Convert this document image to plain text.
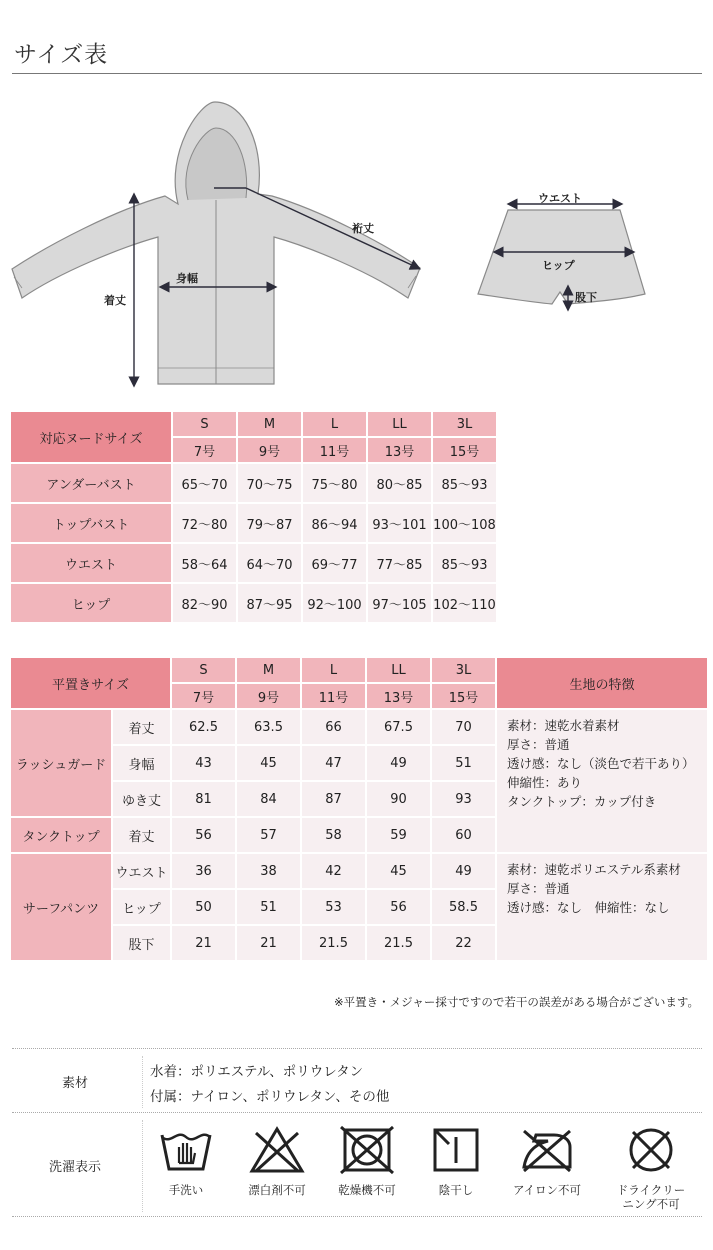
サイズ表
裄丈
身幅
着丈
ウエスト
ヒップ
股下
対応ヌードサイズ	S	M	L	LL	3L
	7号	9号	11号	13号	15号
アンダーバスト	65〜70	70〜75	75〜80	80〜85	85〜93
トップバスト	72〜80	79〜87	86〜94	93〜101	100〜108
ウエスト	58〜64	64〜70	69〜77	77〜85	85〜93
ヒップ	82〜90	87〜95	92〜100	97〜105	102〜110
平置きサイズ		S	M	L	LL	3L	生地の特徴
		7号	9号	11号	13号	15号	
ラッシュガード	着丈	62.5	63.5	66	67.5	70	素材：速乾水着素材
厚さ：普通
透け感：なし（淡色で若干あり）
伸縮性：あり
タンクトップ：カップ付き

	身幅	43	45	47	49	51	
	ゆき丈	81	84	87	90	93	
タンクトップ	着丈	56	57	58	59	60	
サーフパンツ	ウエスト	36	38	42	45	49	素材：速乾ポリエステル系素材
厚さ：普通
透け感：なし　伸縮性：なし

	ヒップ	50	51	53	56	58.5	
	股下	21	21	21.5	21.5	22	
※平置き・メジャー採寸ですので若干の誤差がある場合がございます。
素材
水着：ポリエステル、ポリウレタン
付属：ナイロン、ポリウレタン、その他
洗濯表示
手洗い	漂白剤不可	乾燥機不可	陰干し	アイロン不可	ドライクリー
ニング不可
